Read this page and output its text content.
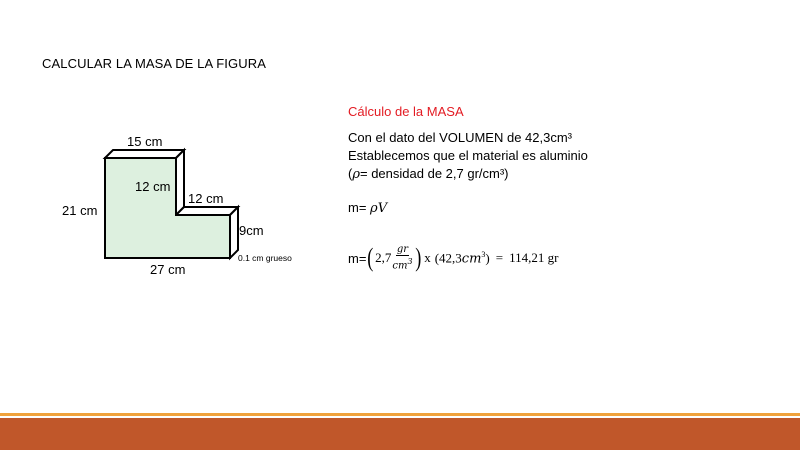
CALCULAR LA MASA DE LA FIGURA
15 cm
21 cm
12 cm
12 cm
9cm
27 cm
0.1 cm grueso
Cálculo de la MASA
Con el dato del VOLUMEN de 42,3cm³
Establecemos que el material es aluminio
(ρ= densidad de 2,7 gr/cm³)
m= ρV
m= ( $2,7 \frac{gr}{cm^3}$ ) x $(42,3cm^3) = 114,21$ gr
